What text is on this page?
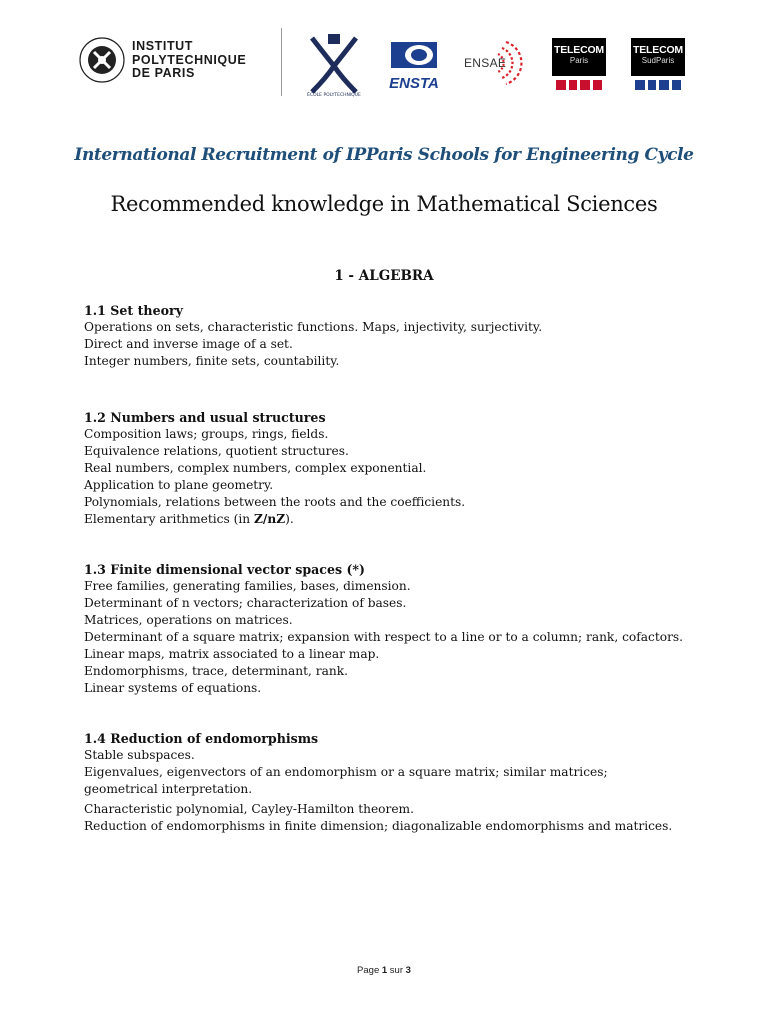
INSTITUT
POLYTECHNIQUE
DE PARIS
ÉCOLE POLYTECHNIQUE
ENSTA
ENSAE
TELECOM
Paris
TELECOM
SudParis
International Recruitment of IPParis Schools for Engineering Cycle
Recommended knowledge in Mathematical Sciences
1 - ALGEBRA
1.1 Set theory

Operations on sets, characteristic functions. Maps, injectivity, surjectivity.

Direct and inverse image of a set.

Integer numbers, finite sets, countability.

1.2 Numbers and usual structures

Composition laws; groups, rings, fields.

Equivalence relations, quotient structures.

Real numbers, complex numbers, complex exponential.

Application to plane geometry.

Polynomials, relations between the roots and the coefficients.

Elementary arithmetics (in Z/nZ).

1.3 Finite dimensional vector spaces (*)

Free families, generating families, bases, dimension.

Determinant of n vectors; characterization of bases.

Matrices, operations on matrices.

Determinant of a square matrix; expansion with respect to a line or to a column; rank, cofactors.

Linear maps, matrix associated to a linear map.

Endomorphisms, trace, determinant, rank.

Linear systems of equations.

1.4 Reduction of endomorphisms

Stable subspaces.

Eigenvalues, eigenvectors of an endomorphism or a square matrix; similar matrices; geometrical interpretation.

Characteristic polynomial, Cayley-Hamilton theorem.

Reduction of endomorphisms in finite dimension; diagonalizable endomorphisms and matrices.

Page 1 sur 3
